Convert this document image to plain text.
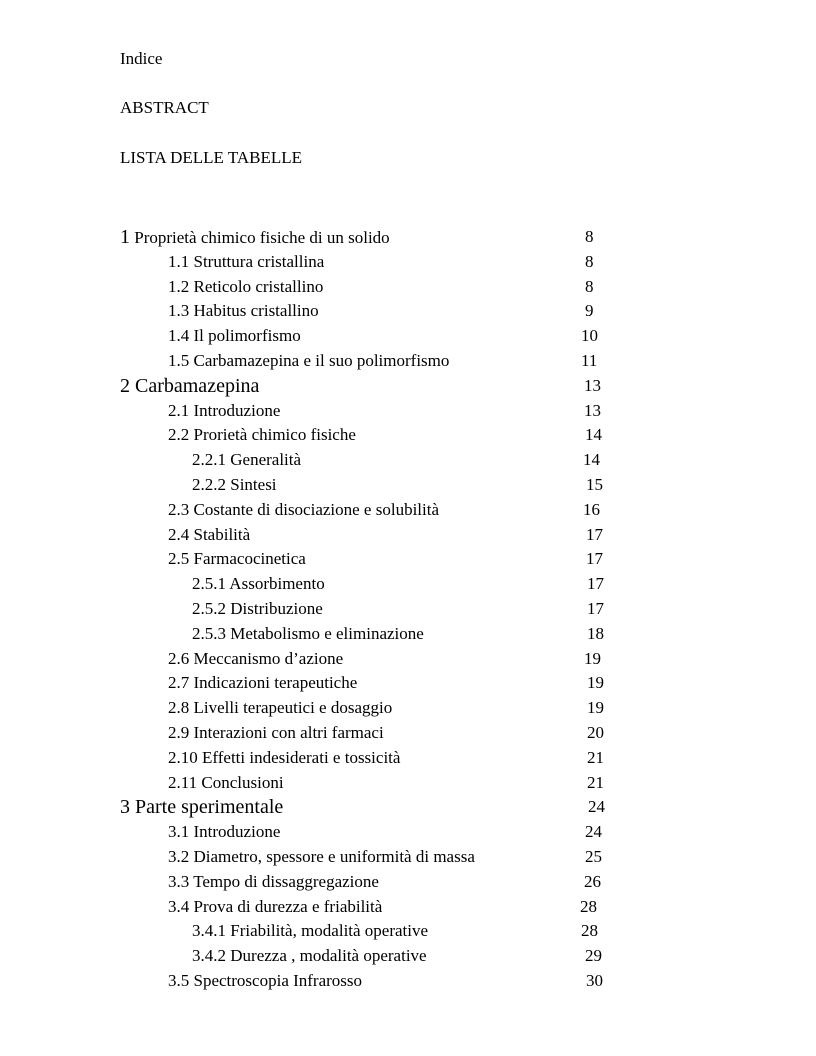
Indice
ABSTRACT
LISTA DELLE TABELLE
1 Proprietà chimico fisiche di un solido	8
1.1 Struttura cristallina	8
1.2 Reticolo cristallino	8
1.3 Habitus cristallino	9
1.4 Il polimorfismo	10
1.5 Carbamazepina e il suo polimorfismo	11
2 Carbamazepina	13
2.1 Introduzione	13
2.2 Prorietà chimico fisiche	14
2.2.1 Generalità	14
2.2.2 Sintesi	15
2.3 Costante di disociazione e solubilità	16
2.4 Stabilità	17
2.5 Farmacocinetica	17
2.5.1 Assorbimento	17
2.5.2 Distribuzione	17
2.5.3 Metabolismo e eliminazione	18
2.6 Meccanismo d’azione	19
2.7 Indicazioni terapeutiche	19
2.8 Livelli terapeutici e dosaggio	19
2.9 Interazioni con altri farmaci	20
2.10 Effetti indesiderati e tossicità	21
2.11 Conclusioni	21
3 Parte sperimentale	24
3.1 Introduzione	24
3.2 Diametro, spessore e uniformità di massa	25
3.3 Tempo di dissaggregazione	26
3.4 Prova di durezza e friabilità	28
3.4.1 Friabilità, modalità operative	28
3.4.2 Durezza , modalità operative	29
3.5 Spectroscopia Infrarosso	30
